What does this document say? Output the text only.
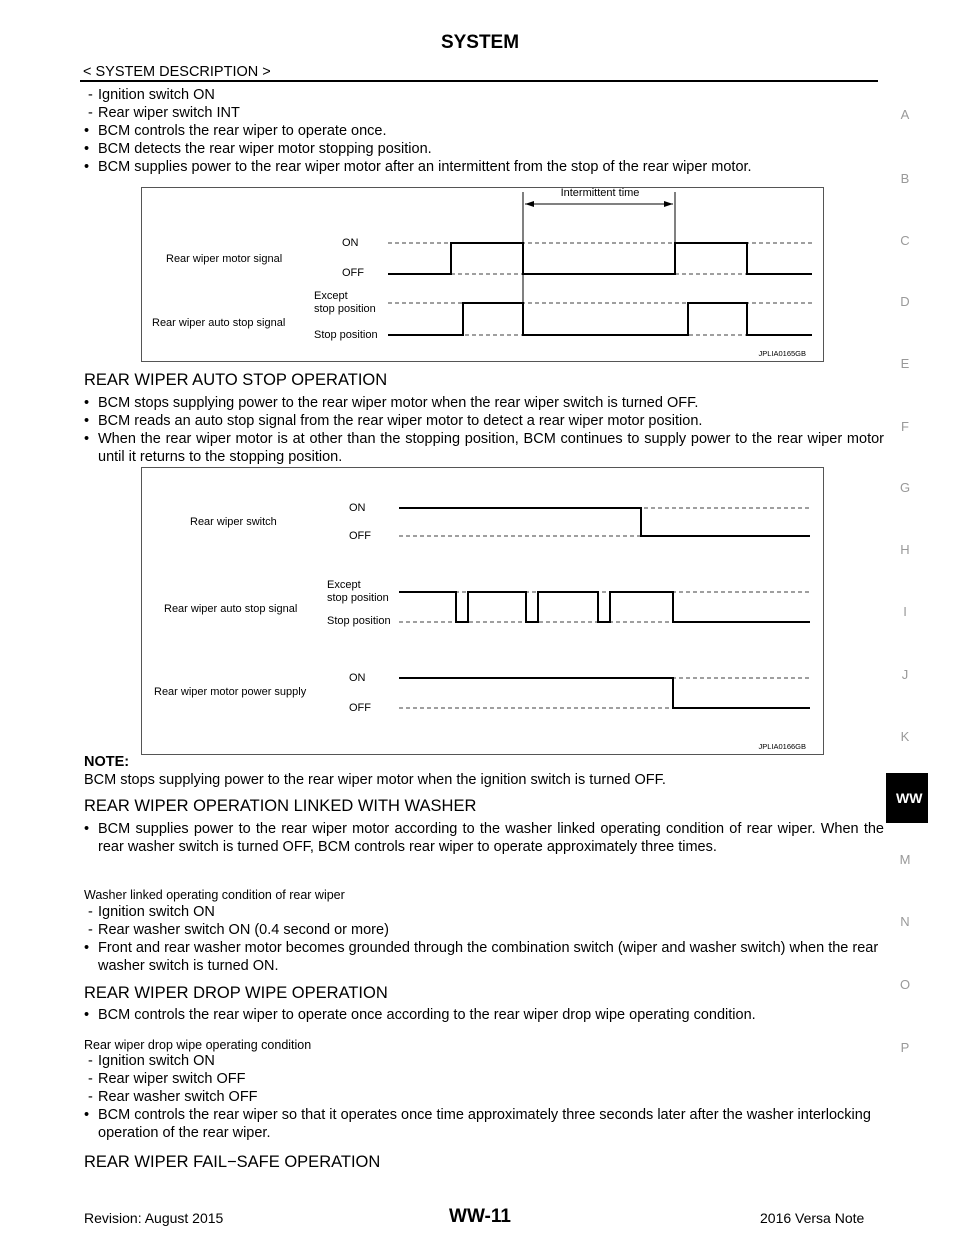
SYSTEM
< SYSTEM DESCRIPTION >
A
B
C
D
E
F
G
H
I
J
K
WW
M
N
O
P
- Ignition switch ON
- Rear wiper switch INT
• BCM controls the rear wiper to operate once.
• BCM detects the rear wiper motor stopping position.
• BCM supplies power to the rear wiper motor after an intermittent from the stop of the rear wiper motor.
Intermittent time
Rear wiper motor signal
ON
OFF
Rear wiper auto stop signal
Except
stop position
Stop position
JPLIA0165GB
REAR WIPER AUTO STOP OPERATION
• BCM stops supplying power to the rear wiper motor when the rear wiper switch is turned OFF.
• BCM reads an auto stop signal from the rear wiper motor to detect a rear wiper motor position.
• When the rear wiper motor is at other than the stopping position, BCM continues to supply power to the rear wiper motor until it returns to the stopping position.
Rear wiper switch
ON
OFF
Rear wiper auto stop signal
Except
stop position
Stop position
Rear wiper motor power supply
ON
OFF
JPLIA0166GB
NOTE:
BCM stops supplying power to the rear wiper motor when the ignition switch is turned OFF.
REAR WIPER OPERATION LINKED WITH WASHER
• BCM supplies power to the rear wiper motor according to the washer linked operating condition of rear wiper. When the rear washer switch is turned OFF, BCM controls rear wiper to operate approximately three times.
Washer linked operating condition of rear wiper
- Ignition switch ON
- Rear washer switch ON (0.4 second or more)
• Front and rear washer motor becomes grounded through the combination switch (wiper and washer switch) when the rear washer switch is turned ON.
REAR WIPER DROP WIPE OPERATION
• BCM controls the rear wiper to operate once according to the rear wiper drop wipe operating condition.
Rear wiper drop wipe operating condition
- Ignition switch ON
- Rear wiper switch OFF
- Rear washer switch OFF
• BCM controls the rear wiper so that it operates once time approximately three seconds later after the washer interlocking operation of the rear wiper.
REAR WIPER FAIL−SAFE OPERATION
Revision: August 2015	WW-11	2016 Versa Note
